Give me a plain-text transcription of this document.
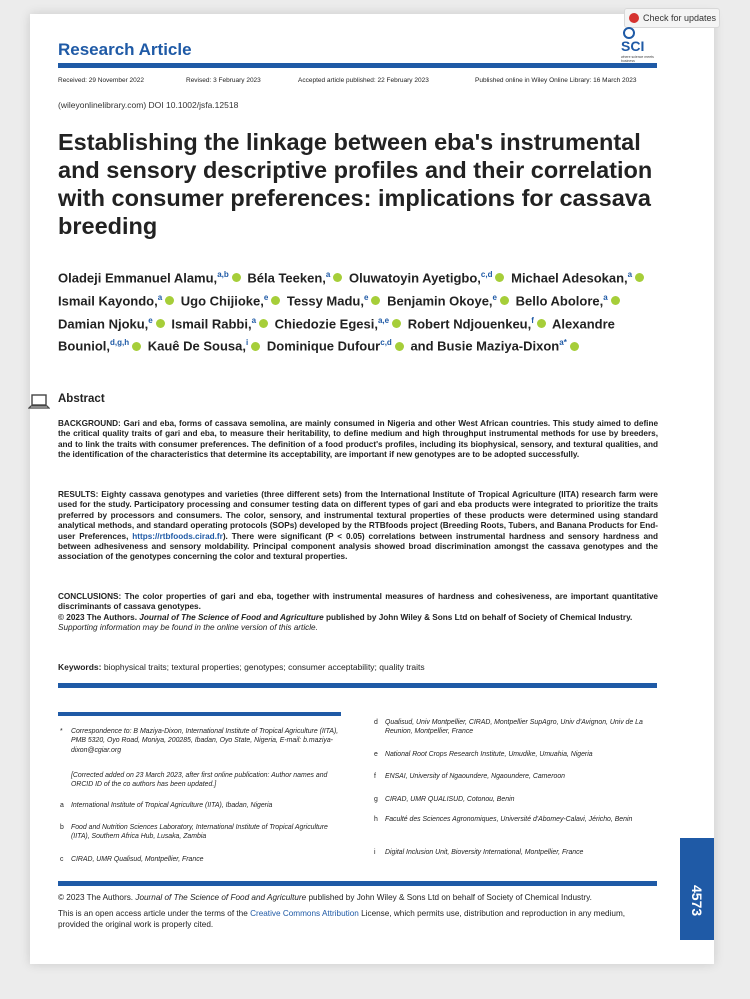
Check for updates
Research Article	SCI
where science meets business
Received: 29 November 2022	Revised: 3 February 2023	Accepted article published: 22 February 2023	Published online in Wiley Online Library: 16 March 2023
(wileyonlinelibrary.com) DOI 10.1002/jsfa.12518
Establishing the linkage between eba's instrumental and sensory descriptive profiles and their correlation with consumer preferences: implications for cassava breeding
Oladeji Emmanuel Alamu,$^{a,b}$ Béla Teeken,$^a$ Oluwatoyin Ayetigbo,$^{c,d}$ Michael Adesokan,$^a$ Ismail Kayondo,$^a$ Ugo Chijioke,$^e$ Tessy Madu,$^e$ Benjamin Okoye,$^e$ Bello Abolore,$^a$ Damian Njoku,$^e$ Ismail Rabbi,$^a$ Chiedozie Egesi,$^{a,e}$ Robert Ndjouenkeu,$^f$ Alexandre Bouniol,$^{d,g,h}$ Kauê De Sousa,$^i$ Dominique Dufour$^{c,d}$ and Busie Maziya-Dixon$^{a*}$
Abstract
BACKGROUND: Gari and eba, forms of cassava semolina, are mainly consumed in Nigeria and other West African countries. This study aimed to define the critical quality traits of gari and eba, to measure their heritability, to define medium and high throughput instrumental methods for use by breeders, and to link the traits with consumer preferences. The definition of a food product's profiles, including its biophysical, sensory, and textural qualities, and the identification of the characteristics that determine its acceptability, are important if new genotypes are to be adopted successfully.
RESULTS: Eighty cassava genotypes and varieties (three different sets) from the International Institute of Tropical Agriculture (IITA) research farm were used for the study. Participatory processing and consumer testing data on different types of gari and eba products were integrated to prioritize the traits preferred by processors and consumers. The color, sensory, and instrumental textural properties of these products were determined using standard analytical methods, and standard operating protocols (SOPs) developed by the RTBfoods project (Breeding Roots, Tubers, and Banana Products for End-user Preferences, https://rtbfoods.cirad.fr). There were significant (P < 0.05) correlations between instrumental hardness and sensory hardness and between adhesiveness and sensory moldability. Principal component analysis showed broad discrimination amongst the cassava genotypes and the association of the genotypes concerning the color and textural properties.
CONCLUSIONS: The color properties of gari and eba, together with instrumental measures of hardness and cohesiveness, are important quantitative discriminants of cassava genotypes.
© 2023 The Authors. Journal of The Science of Food and Agriculture published by John Wiley & Sons Ltd on behalf of Society of Chemical Industry.
Supporting information may be found in the online version of this article.
Keywords: biophysical traits; textural properties; genotypes; consumer acceptability; quality traits
*	Correspondence to: B Maziya-Dixon, International Institute of Tropical Agriculture (IITA), PMB 5320, Oyo Road, Moniya, 200285, Ibadan, Oyo State, Nigeria, E-mail: b.maziya-dixon@cgiar.org
[Corrected added on 23 March 2023, after first online publication: Author names and ORCID ID of the co authors has been updated.]
a	International Institute of Tropical Agriculture (IITA), Ibadan, Nigeria
b	Food and Nutrition Sciences Laboratory, International Institute of Tropical Agriculture (IITA), Southern Africa Hub, Lusaka, Zambia
c	CIRAD, UMR Qualisud, Montpellier, France
d	Qualisud, Univ Montpellier, CIRAD, Montpellier SupAgro, Univ d'Avignon, Univ de La Reunion, Montpellier, France
e	National Root Crops Research Institute, Umudike, Umuahia, Nigeria
f	ENSAI, University of Ngaoundere, Ngaoundere, Cameroon
g	CIRAD, UMR QUALISUD, Cotonou, Benin
h	Faculté des Sciences Agronomiques, Université d'Abomey-Calavi, Jéricho, Benin
i	Digital Inclusion Unit, Bioversity International, Montpellier, France
© 2023 The Authors. Journal of The Science of Food and Agriculture published by John Wiley & Sons Ltd on behalf of Society of Chemical Industry.
This is an open access article under the terms of the Creative Commons Attribution License, which permits use, distribution and reproduction in any medium, provided the original work is properly cited.
4573
